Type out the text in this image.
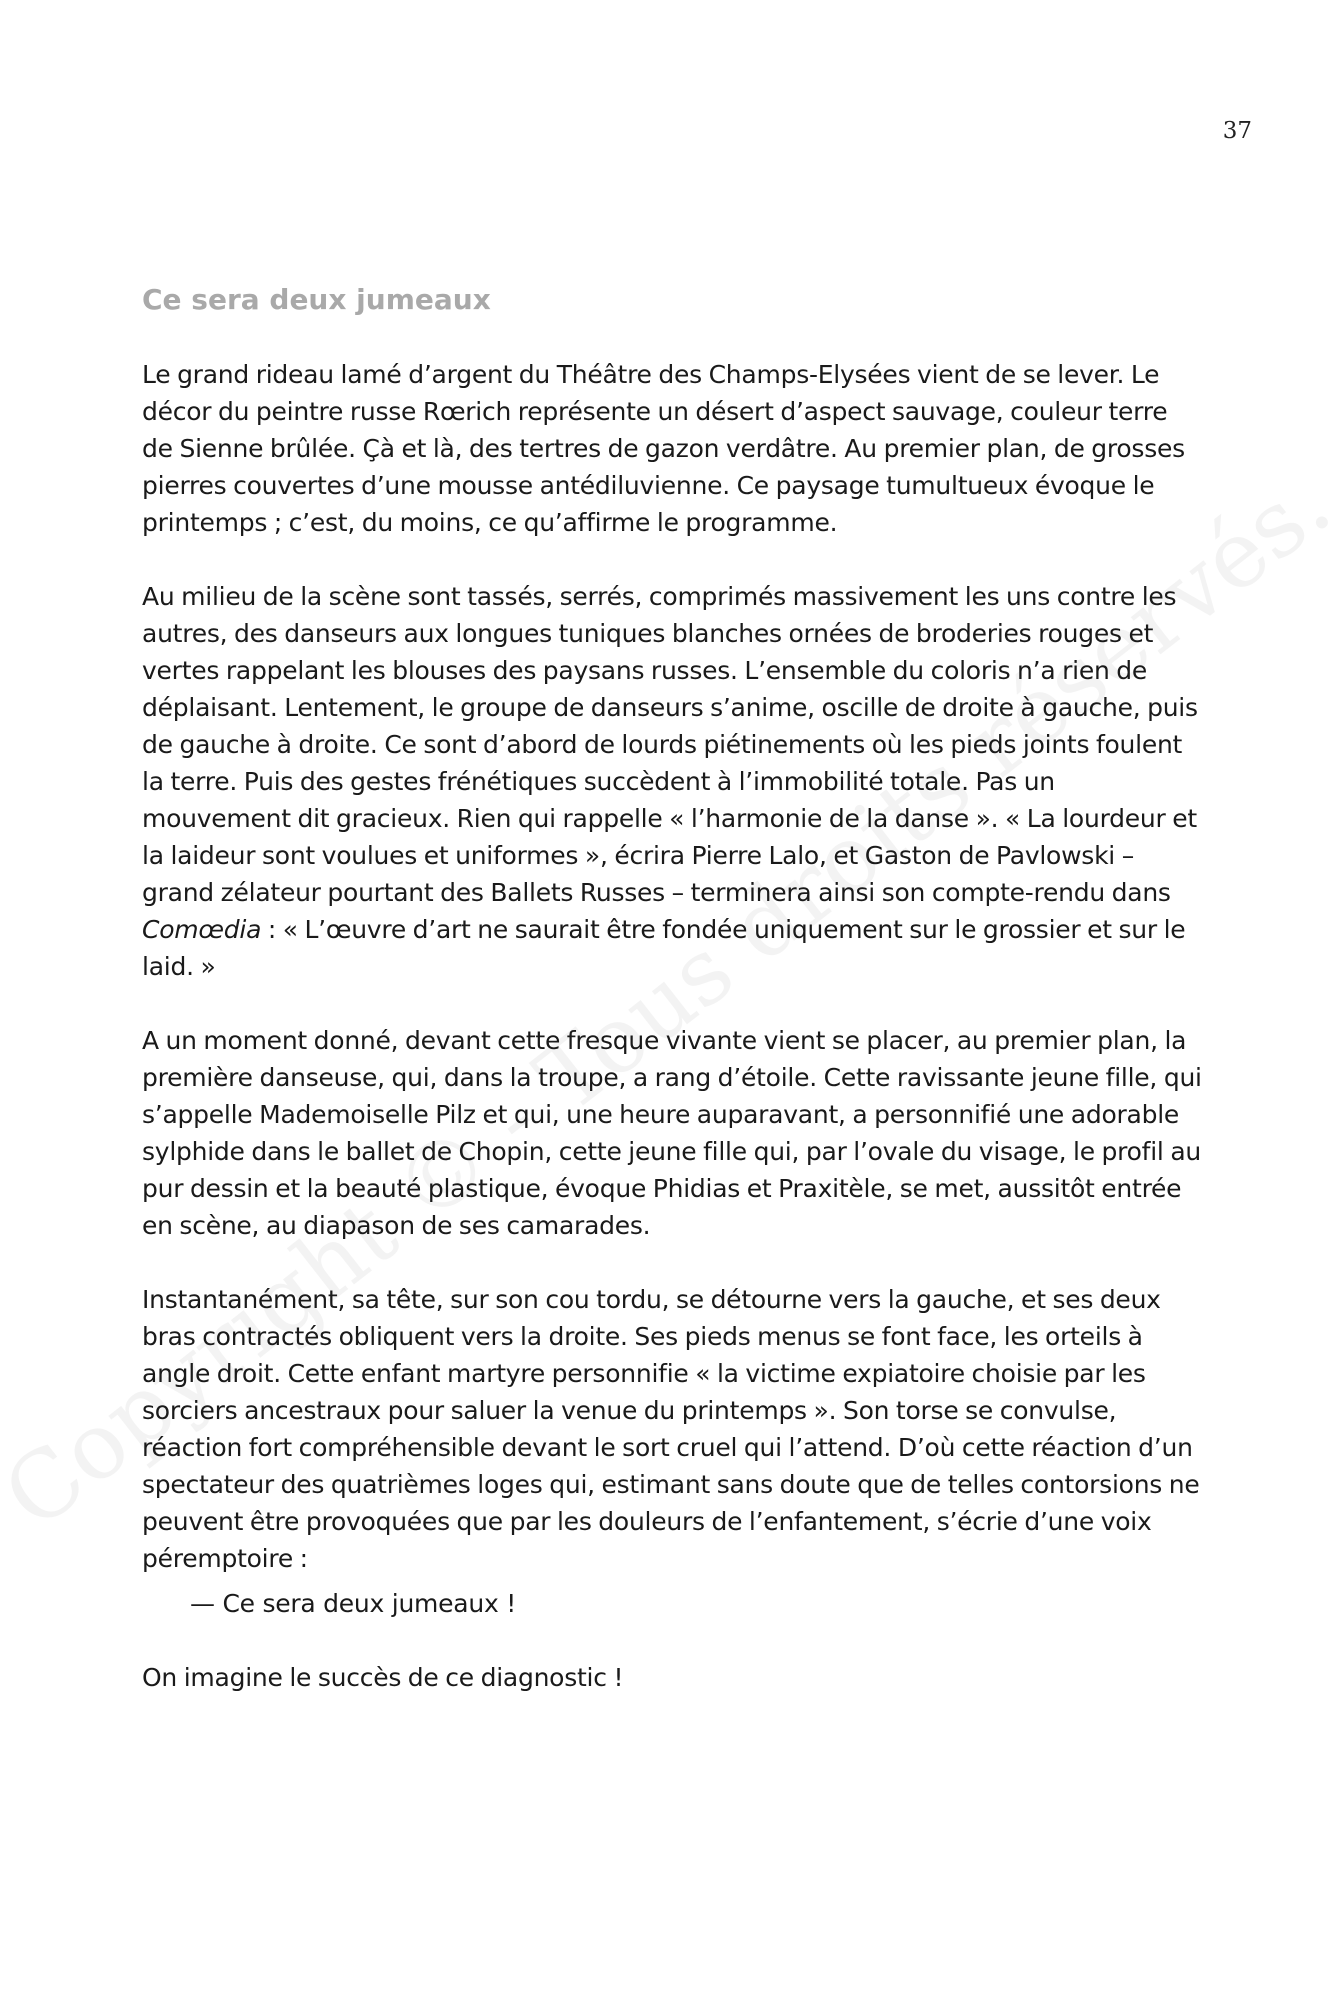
37

Ce sera deux jumeaux

Le grand rideau lamé d’argent du Théâtre des Champs-Elysées vient de se lever. Le décor du peintre russe Rœrich représente un désert d’aspect sauvage, couleur terre de Sienne brûlée. Çà et là, des tertres de gazon verdâtre. Au premier plan, de grosses pierres couvertes d’une mousse antédiluvienne. Ce paysage tumultueux évoque le printemps ; c’est, du moins, ce qu’affirme le programme.

Au milieu de la scène sont tassés, serrés, comprimés massivement les uns contre les autres, des danseurs aux longues tuniques blanches ornées de broderies rouges et vertes rappelant les blouses des paysans russes. L’ensemble du coloris n’a rien de déplaisant. Lentement, le groupe de danseurs s’anime, oscille de droite à gauche, puis de gauche à droite. Ce sont d’abord de lourds piétinements où les pieds joints foulent la terre. Puis des gestes frénétiques succèdent à l’immobilité totale. Pas un mouvement dit gracieux. Rien qui rappelle « l’harmonie de la danse ». « La lourdeur et la laideur sont voulues et uniformes », écrira Pierre Lalo, et Gaston de Pavlowski – grand zélateur pourtant des Ballets Russes – terminera ainsi son compte-rendu dans Comœdia : « L’œuvre d’art ne saurait être fondée uniquement sur le grossier et sur le laid. »

A un moment donné, devant cette fresque vivante vient se placer, au premier plan, la première danseuse, qui, dans la troupe, a rang d’étoile. Cette ravissante jeune fille, qui s’appelle Mademoiselle Pilz et qui, une heure auparavant, a personnifié une adorable sylphide dans le ballet de Chopin, cette jeune fille qui, par l’ovale du visage, le profil au pur dessin et la beauté plastique, évoque Phidias et Praxitèle, se met, aussitôt entrée en scène, au diapason de ses camarades.

Instantanément, sa tête, sur son cou tordu, se détourne vers la gauche, et ses deux bras contractés obliquent vers la droite. Ses pieds menus se font face, les orteils à angle droit. Cette enfant martyre personnifie « la victime expiatoire choisie par les sorciers ancestraux pour saluer la venue du printemps ». Son torse se convulse, réaction fort compréhensible devant le sort cruel qui l’attend. D’où cette réaction d’un spectateur des quatrièmes loges qui, estimant sans doute que de telles contorsions ne peuvent être provoquées que par les douleurs de l’enfantement, s’écrie d’une voix péremptoire :

— Ce sera deux jumeaux !

On imagine le succès de ce diagnostic !
